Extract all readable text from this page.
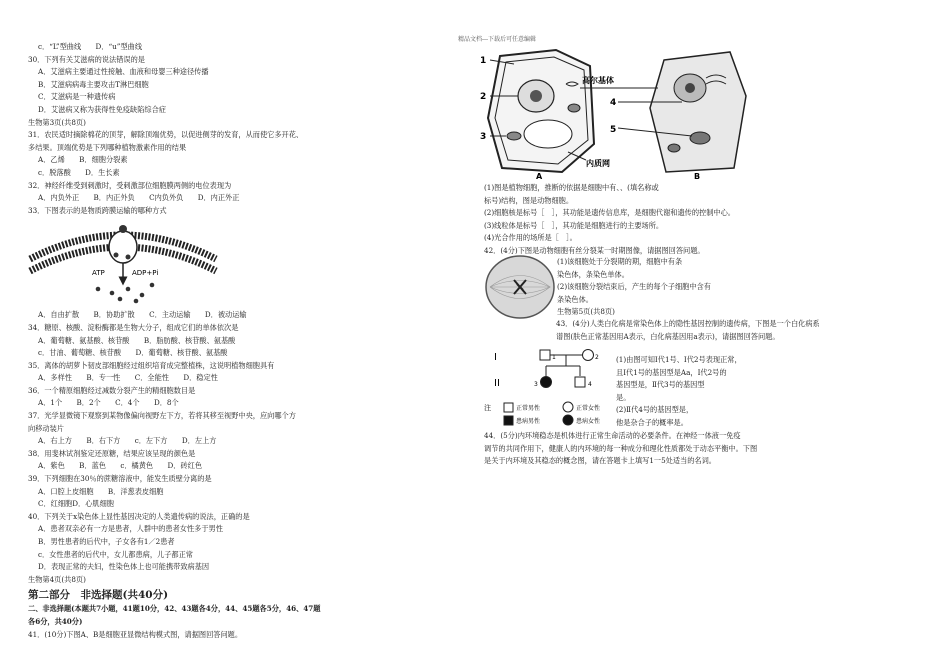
精品文档---下载后可任意编辑
c．“L”型曲线　　D．“u”型曲线
30．下列有关艾滋病的说法错误的是
A．艾滋病主要通过性接触、血液和母婴三种途径传播
B．艾滋病病毒主要攻击T淋巴细胞
C．艾滋病是一种遗传病
D．艾滋病又称为获得性免疫缺陷综合症
生物第3页(共8页)
31．农民适时摘除棉花的顶芽，解除顶端优势，以促进侧芽的发育，从而使它多开花、
多结果。顶端优势是下列哪种植物激素作用的结果
A．乙烯　　B．细胞分裂素
c．脱落酸　　D．生长素
32．神经纤维受到刺激时，受刺激部位细胞膜两侧的电位表现为
A．内负外正　　B．内正外负　　C内负外负　　D．内正外正
33．下图表示的是物质跨膜运输的哪种方式
ATP	ADP+Pi
A．自由扩散　　B．协助扩散　　C．主动运输　　D．被动运输
34．糖原、核酸、淀粉酶都是生物大分子，组成它们的单体依次是
A．葡萄糖、氨基酸、核苷酸　　B．脂肪酸、核苷酸、氨基酸
c．甘油、葡萄糖、核苷酸　　D．葡萄糖、核苷酸、氨基酸
35．离体的胡萝卜韧皮部细胞经过组织培育成完整植株，这说明植物细胞具有
A．多样性　　B．专一性　　C．全能性　　D．稳定性
36．一个精原细胞经过减数分裂产生的精细胞数目是
A．1个　　B．2个　　C．4个　　D．8个
37．光学显微镜下观察到某物像偏向视野左下方，若将其移至视野中央，应向哪个方
向移动装片
A．右上方　　B．右下方　　c．左下方　　D．左上方
38．用斐林试剂鉴定还原糖，结果应该呈现的颜色是
A．紫色　　B．蓝色　　c．橘黄色　　D．砖红色
39．下列细胞在30％的蔗糖溶液中，能发生质壁分离的是
A．口腔上皮细胞　　B．洋葱表皮细胞
C．红细胞D．心肌细胞
40．下列关于x染色体上显性基因决定的人类遗传病的说法，正确的是
A．患者双亲必有一方是患者，人群中的患者女性多于男性
B．男性患者的后代中，子女各有1／2患者
c．女性患者的后代中，女儿都患病，儿子都正常
D．表现正常的夫妇，性染色体上也可能携带致病基因
生物第4页(共8页)
第二部分　非选择题(共40分)
二、非选择题(本题共7小题，41题10分，42、43题各4分，44、45题各5分，46、47题
各6分，共40分)
41．(10分)下图A、B是细胞亚显微结构模式图，请据图回答问题。
1
2
3
高尔基体
4
5
内质网
A	B
(1)图是植物细胞，推断的依据是细胞中有、、(填名称或
标号)结构，图是动物细胞。
(2)细胞核是标号［　］，其功能是遗传信息库，是细胞代谢和遗传的控制中心。
(3)线粒体是标号［　］，其功能是细胞进行的主要场所。
(4)光合作用的场所是［　］。
42．(4分)下图是动物细胞有丝分裂某一时期图像，请据图回答问题。
(1)该细胞处于分裂期的期，细胞中有条
染色体，条染色单体。
(2)该细胞分裂结束后，产生的每个子细胞中含有
条染色体。
生物第5页(共8页)
43．(4分)人类白化病是常染色体上的隐性基因控制的遗传病，下图是一个白化病系
谱图(肤色正常基因用A表示，白化病基因用a表示)，请据图回答问题。
I
II
1	2
3	4
注	正常男性	正常女性
患病男性	患病女性
(1)由图可知Ⅰ代1号、Ⅰ代2号表现正常，
且Ⅰ代1号的基因型是Aa，Ⅰ代2号的
基因型是，Ⅱ代3号的基因型
是。
(2)Ⅱ代4号的基因型是，
他是杂合子的概率是。
44．(5分)内环境稳态是机体进行正常生命活动的必要条件。在神经一体液一免疫
调节的共同作用下，健康人的内环境的每一种成分和理化性质都处于动态平衡中。下图
是关于内环境及其稳态的概念图，请在答题卡上填写1一5处适当的名词。
